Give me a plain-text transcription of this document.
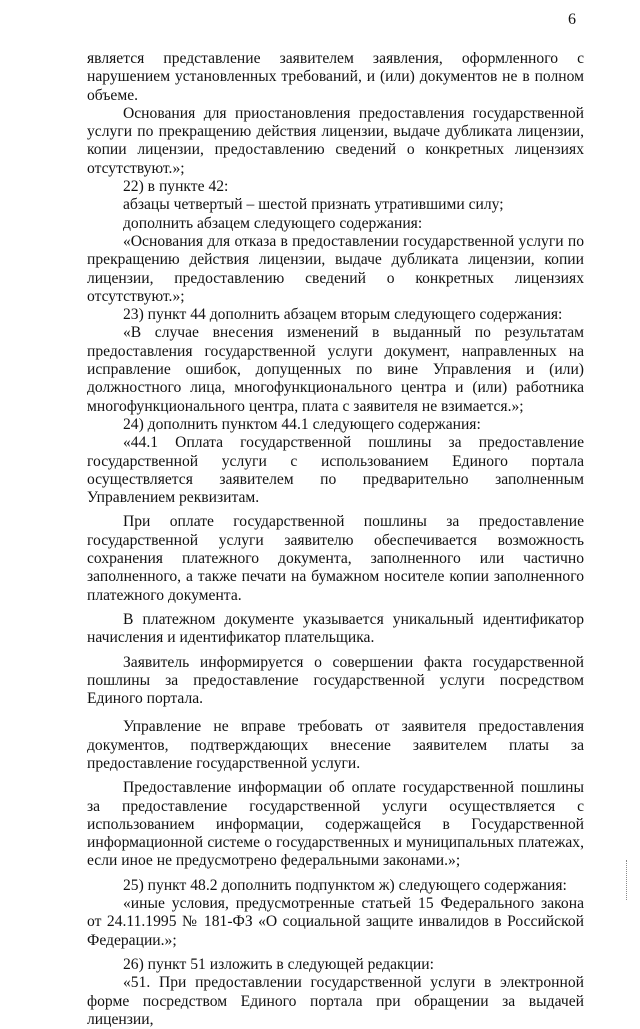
6

является представление заявителем заявления, оформленного с нарушением установленных требований, и (или) документов не в полном объеме.

Основания для приостановления предоставления государственной услуги по прекращению действия лицензии, выдаче дубликата лицензии, копии лицензии, предоставлению сведений о конкретных лицензиях отсутствуют.»;

22) в пункте 42:

абзацы четвертый – шестой признать утратившими силу;

дополнить абзацем следующего содержания:

«Основания для отказа в предоставлении государственной услуги по прекращению действия лицензии, выдаче дубликата лицензии, копии лицензии, предоставлению сведений о конкретных лицензиях отсутствуют.»;

23) пункт 44 дополнить абзацем вторым следующего содержания:

«В случае внесения изменений в выданный по результатам предоставления государственной услуги документ, направленных на исправление ошибок, допущенных по вине Управления и (или) должностного лица, многофункционального центра и (или) работника многофункционального центра, плата с заявителя не взимается.»;

24) дополнить пунктом 44.1 следующего содержания:

«44.1 Оплата государственной пошлины за предоставление государственной услуги с использованием Единого портала осуществляется заявителем по предварительно заполненным Управлением реквизитам.

При оплате государственной пошлины за предоставление государственной услуги заявителю обеспечивается возможность сохранения платежного документа, заполненного или частично заполненного, а также печати на бумажном носителе копии заполненного платежного документа.

В платежном документе указывается уникальный идентификатор начисления и идентификатор плательщика.

Заявитель информируется о совершении факта государственной пошлины за предоставление государственной услуги посредством Единого портала.

Управление не вправе требовать от заявителя предоставления документов, подтверждающих внесение заявителем платы за предоставление государственной услуги.

Предоставление информации об оплате государственной пошлины за предоставление государственной услуги осуществляется с использованием информации, содержащейся в Государственной информационной системе о государственных и муниципальных платежах, если иное не предусмотрено федеральными законами.»;

25) пункт 48.2 дополнить подпунктом ж) следующего содержания:

«иные условия, предусмотренные статьей 15 Федерального закона от 24.11.1995 № 181-ФЗ «О социальной защите инвалидов в Российской Федерации.»;

26) пункт 51 изложить в следующей редакции:

«51. При предоставлении государственной услуги в электронной форме посредством Единого портала при обращении за выдачей лицензии,
